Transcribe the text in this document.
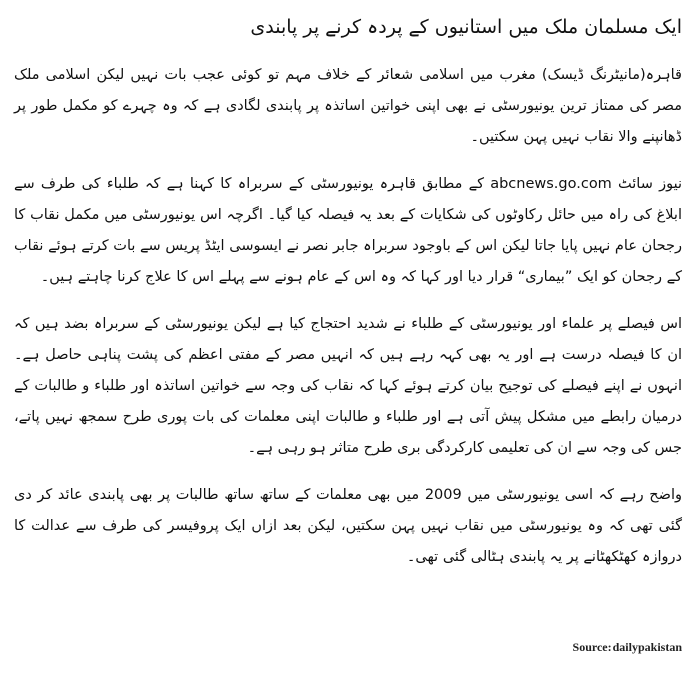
ایک مسلمان ملک میں استانیوں کے پردہ کرنے پر پابندی

قاہرہ(مانیٹرنگ ڈیسک) مغرب میں اسلامی شعائر کے خلاف مہم تو کوئی عجب بات نہیں لیکن اسلامی ملک مصر کی ممتاز ترین یونیورسٹی نے بھی اپنی خواتین اساتذہ پر پابندی لگادی ہے کہ وہ چہرے کو مکمل طور پر ڈھانپنے والا نقاب نہیں پہن سکتیں۔

نیوز سائٹ abcnews.go.com کے مطابق قاہرہ یونیورسٹی کے سربراہ کا کہنا ہے کہ طلباء کی طرف سے ابلاغ کی راہ میں حائل رکاوٹوں کی شکایات کے بعد یہ فیصلہ کیا گیا۔ اگرچہ اس یونیورسٹی میں مکمل نقاب کا رجحان عام نہیں پایا جاتا لیکن اس کے باوجود سربراہ جابر نصر نے ایسوسی ایٹڈ پریس سے بات کرتے ہوئے نقاب کے رجحان کو ایک ”بیماری“ قرار دیا اور کہا کہ وہ اس کے عام ہونے سے پہلے اس کا علاج کرنا چاہتے ہیں۔

اس فیصلے پر علماء اور یونیورسٹی کے طلباء نے شدید احتجاج کیا ہے لیکن یونیورسٹی کے سربراہ بضد ہیں کہ ان کا فیصلہ درست ہے اور یہ بھی کہہ رہے ہیں کہ انہیں مصر کے مفتی اعظم کی پشت پناہی حاصل ہے۔ انہوں نے اپنے فیصلے کی توجیح بیان کرتے ہوئے کہا کہ نقاب کی وجہ سے خواتین اساتذہ اور طلباء و طالبات کے درمیان رابطے میں مشکل پیش آتی ہے اور طلباء و طالبات اپنی معلمات کی بات پوری طرح سمجھ نہیں پاتے، جس کی وجہ سے ان کی تعلیمی کارکردگی بری طرح متاثر ہو رہی ہے۔

واضح رہے کہ اسی یونیورسٹی میں 2009 میں بھی معلمات کے ساتھ ساتھ طالبات پر بھی پابندی عائد کر دی گئی تھی کہ وہ یونیورسٹی میں نقاب نہیں پہن سکتیں، لیکن بعد ازاں ایک پروفیسر کی طرف سے عدالت کا دروازہ کھٹکھٹانے پر یہ پابندی ہٹالی گئی تھی۔

Source:dailypakistan
